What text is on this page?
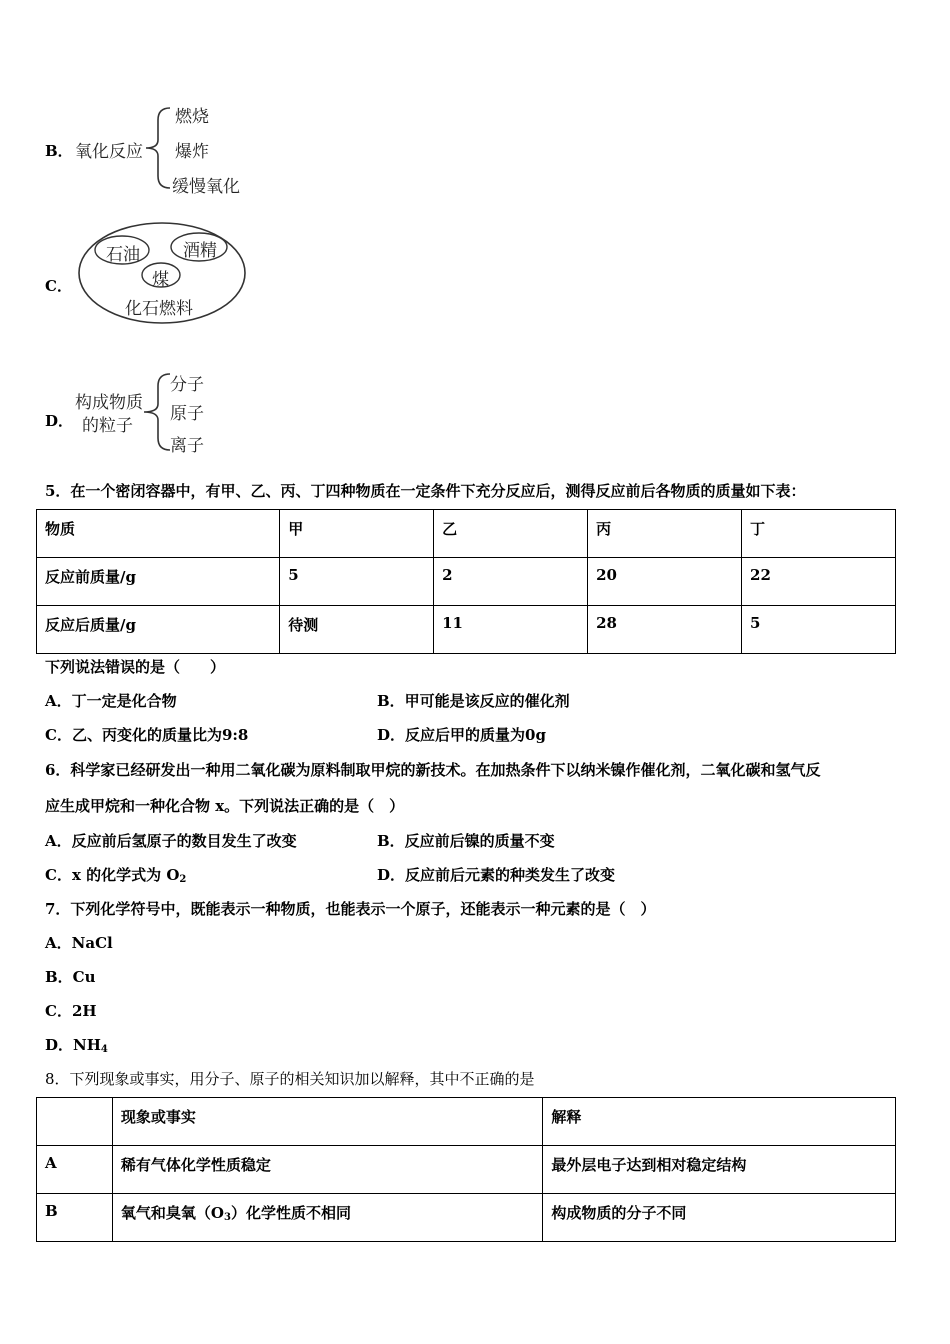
B． 氧化反应
燃烧
爆炸
缓慢氧化
C．
石油	酒精
煤
化石燃料
D．
构成物质
的粒子
分子
原子
离子
5．在一个密闭容器中，有甲、乙、丙、丁四种物质在一定条件下充分反应后，测得反应前后各物质的质量如下表：
物质	甲	乙	丙	丁
反应前质量/g	5	2	20	22
反应后质量/g	待测	11	28	5
下列说法错误的是（　　）
A．丁一定是化合物	B．甲可能是该反应的催化剂
C．乙、丙变化的质量比为9:8	D．反应后甲的质量为0g
6．科学家已经研发出一种用二氧化碳为原料制取甲烷的新技术。在加热条件下以纳米镍作催化剂，二氧化碳和氢气反
应生成甲烷和一种化合物 x。下列说法正确的是（　）
A．反应前后氢原子的数目发生了改变	B．反应前后镍的质量不变
C．x 的化学式为 $O_2$	D．反应前后元素的种类发生了改变
7．下列化学符号中，既能表示一种物质，也能表示一个原子，还能表示一种元素的是（　）
A．NaCl
B．Cu
C．2H
D．$NH_4$
8．下列现象或事实，用分子、原子的相关知识加以解释，其中不正确的是
	现象或事实	解释
A	稀有气体化学性质稳定	最外层电子达到相对稳定结构
B	氧气和臭氧$(O_3)$化学性质不相同	构成物质的分子不同
